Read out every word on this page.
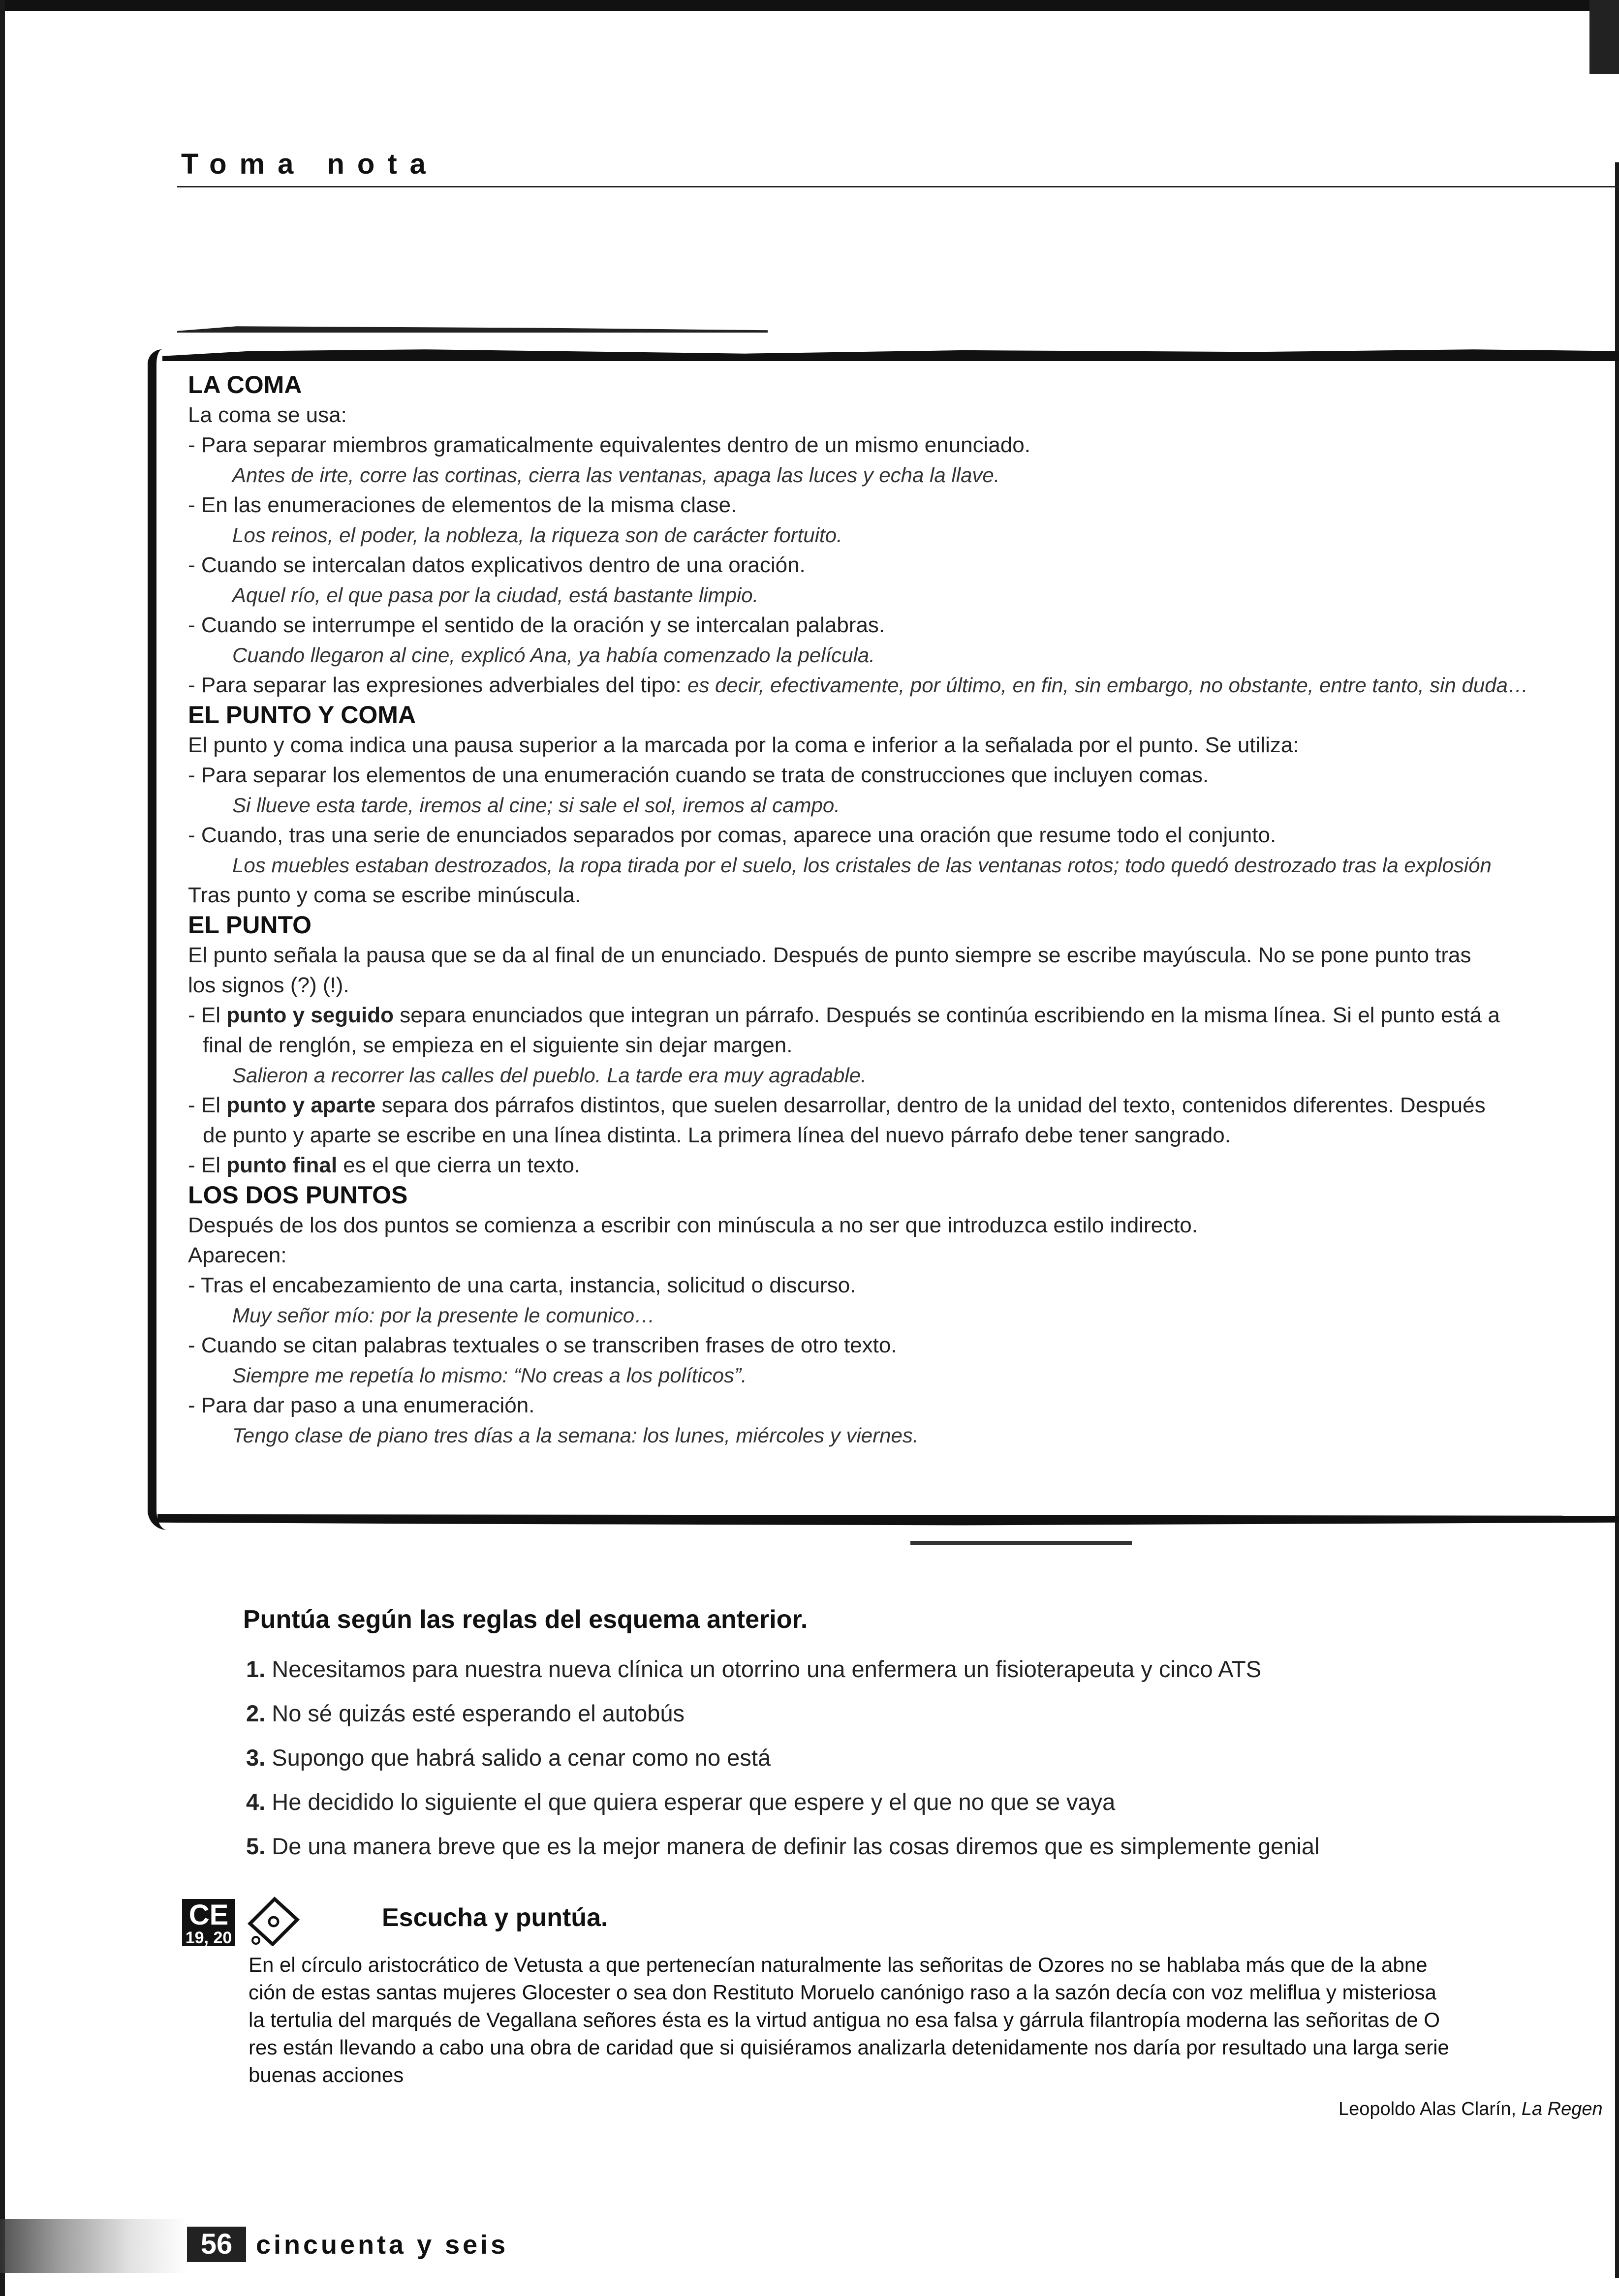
Toma nota

LA COMA

La coma se usa:

- Para separar miembros gramaticalmente equivalentes dentro de un mismo enunciado.

Antes de irte, corre las cortinas, cierra las ventanas, apaga las luces y echa la llave.

- En las enumeraciones de elementos de la misma clase.

Los reinos, el poder, la nobleza, la riqueza son de carácter fortuito.

- Cuando se intercalan datos explicativos dentro de una oración.

Aquel río, el que pasa por la ciudad, está bastante limpio.

- Cuando se interrumpe el sentido de la oración y se intercalan palabras.

Cuando llegaron al cine, explicó Ana, ya había comenzado la película.

- Para separar las expresiones adverbiales del tipo: es decir, efectivamente, por último, en fin, sin embargo, no obstante, entre tanto, sin duda…

EL PUNTO Y COMA

El punto y coma indica una pausa superior a la marcada por la coma e inferior a la señalada por el punto. Se utiliza:

- Para separar los elementos de una enumeración cuando se trata de construcciones que incluyen comas.

Si llueve esta tarde, iremos al cine; si sale el sol, iremos al campo.

- Cuando, tras una serie de enunciados separados por comas, aparece una oración que resume todo el conjunto.

Los muebles estaban destrozados, la ropa tirada por el suelo, los cristales de las ventanas rotos; todo quedó destrozado tras la explosión

Tras punto y coma se escribe minúscula.

EL PUNTO

El punto señala la pausa que se da al final de un enunciado. Después de punto siempre se escribe mayúscula. No se pone punto tras

los signos (?) (!).

- El punto y seguido separa enunciados que integran un párrafo. Después se continúa escribiendo en la misma línea. Si el punto está a

final de renglón, se empieza en el siguiente sin dejar margen.

Salieron a recorrer las calles del pueblo. La tarde era muy agradable.

- El punto y aparte separa dos párrafos distintos, que suelen desarrollar, dentro de la unidad del texto, contenidos diferentes. Después

de punto y aparte se escribe en una línea distinta. La primera línea del nuevo párrafo debe tener sangrado.

- El punto final es el que cierra un texto.

LOS DOS PUNTOS

Después de los dos puntos se comienza a escribir con minúscula a no ser que introduzca estilo indirecto.

Aparecen:

- Tras el encabezamiento de una carta, instancia, solicitud o discurso.

Muy señor mío: por la presente le comunico…

- Cuando se citan palabras textuales o se transcriben frases de otro texto.

Siempre me repetía lo mismo: “No creas a los políticos”.

- Para dar paso a una enumeración.

Tengo clase de piano tres días a la semana: los lunes, miércoles y viernes.

Puntúa según las reglas del esquema anterior.

1. Necesitamos para nuestra nueva clínica un otorrino una enfermera un fisioterapeuta y cinco ATS

2. No sé quizás esté esperando el autobús

3. Supongo que habrá salido a cenar como no está

4. He decidido lo siguiente el que quiera esperar que espere y el que no que se vaya

5. De una manera breve que es la mejor manera de definir las cosas diremos que es simplemente genial

CE
19, 20
Escucha y puntúa.

En el círculo aristocrático de Vetusta a que pertenecían naturalmente las señoritas de Ozores no se hablaba más que de la abne

ción de estas santas mujeres Glocester o sea don Restituto Moruelo canónigo raso a la sazón decía con voz meliflua y misteriosa

la tertulia del marqués de Vegallana señores ésta es la virtud antigua no esa falsa y gárrula filantropía moderna las señoritas de O

res están llevando a cabo una obra de caridad que si quisiéramos analizarla detenidamente nos daría por resultado una larga serie

buenas acciones

Leopoldo Alas Clarín, La Regen
56 cincuenta y seis
